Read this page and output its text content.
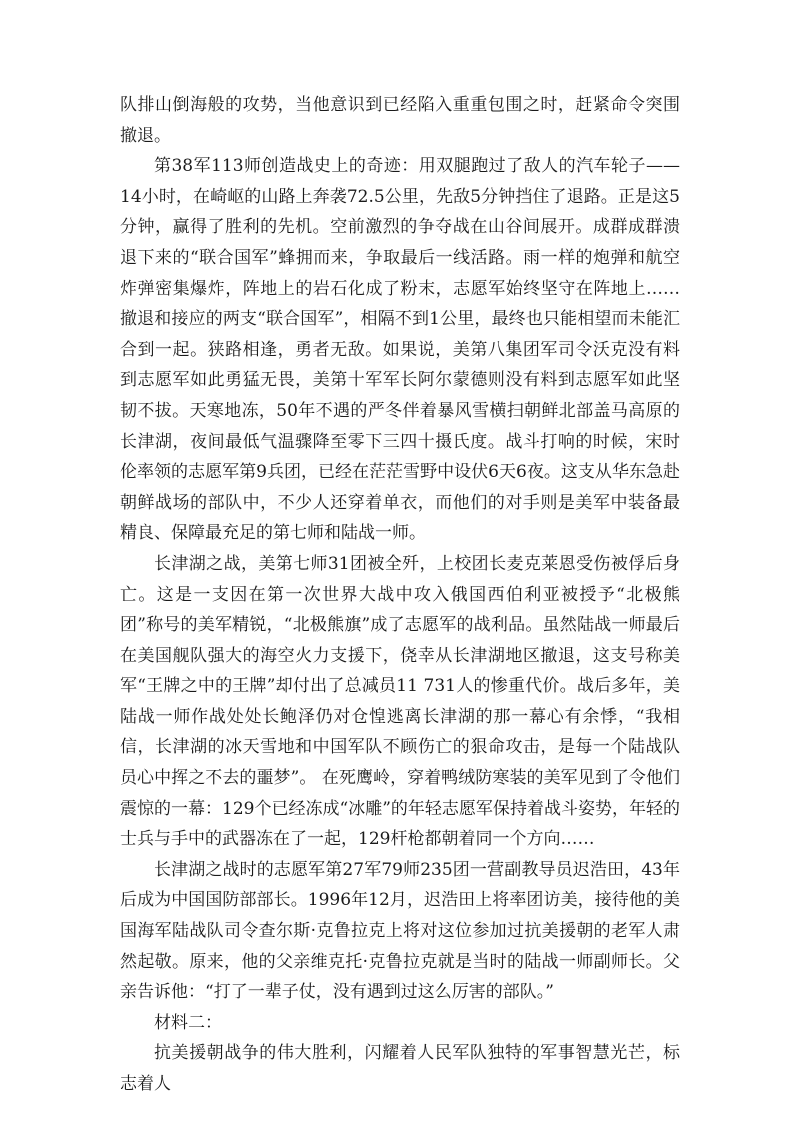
队排山倒海般的攻势，当他意识到已经陷入重重包围之时，赶紧命令突围撤退。

第38军113师创造战史上的奇迹：用双腿跑过了敌人的汽车轮子——14小时，在崎岖的山路上奔袭72.5公里，先敌5分钟挡住了退路。正是这5分钟，赢得了胜利的先机。空前激烈的争夺战在山谷间展开。成群成群溃退下来的“联合国军”蜂拥而来，争取最后一线活路。雨一样的炮弹和航空炸弹密集爆炸，阵地上的岩石化成了粉末，志愿军始终坚守在阵地上……撤退和接应的两支“联合国军”，相隔不到1公里，最终也只能相望而未能汇合到一起。狭路相逢，勇者无敌。如果说，美第八集团军司令沃克没有料到志愿军如此勇猛无畏，美第十军军长阿尔蒙德则没有料到志愿军如此坚韧不拔。天寒地冻，50年不遇的严冬伴着暴风雪横扫朝鲜北部盖马高原的长津湖，夜间最低气温骤降至零下三四十摄氏度。战斗打响的时候，宋时伦率领的志愿军第9兵团，已经在茫茫雪野中设伏6天6夜。这支从华东急赴朝鲜战场的部队中，不少人还穿着单衣，而他们的对手则是美军中装备最精良、保障最充足的第七师和陆战一师。

长津湖之战，美第七师31团被全歼，上校团长麦克莱恩受伤被俘后身亡。这是一支因在第一次世界大战中攻入俄国西伯利亚被授予“北极熊团”称号的美军精锐，“北极熊旗”成了志愿军的战利品。虽然陆战一师最后在美国舰队强大的海空火力支援下，侥幸从长津湖地区撤退，这支号称美军“王牌之中的王牌”却付出了总减员11 731人的惨重代价。战后多年，美陆战一师作战处处长鲍泽仍对仓惶逃离长津湖的那一幕心有余悸，“我相信，长津湖的冰天雪地和中国军队不顾伤亡的狠命攻击，是每一个陆战队员心中挥之不去的噩梦”。 在死鹰岭，穿着鸭绒防寒装的美军见到了令他们震惊的一幕：129个已经冻成“冰雕”的年轻志愿军保持着战斗姿势，年轻的士兵与手中的武器冻在了一起，129杆枪都朝着同一个方向……

长津湖之战时的志愿军第27军79师235团一营副教导员迟浩田，43年后成为中国国防部部长。1996年12月，迟浩田上将率团访美，接待他的美国海军陆战队司令查尔斯·克鲁拉克上将对这位参加过抗美援朝的老军人肃然起敬。原来，他的父亲维克托·克鲁拉克就是当时的陆战一师副师长。父亲告诉他：“打了一辈子仗，没有遇到过这么厉害的部队。”

材料二：

抗美援朝战争的伟大胜利，闪耀着人民军队独特的军事智慧光芒，标志着人
